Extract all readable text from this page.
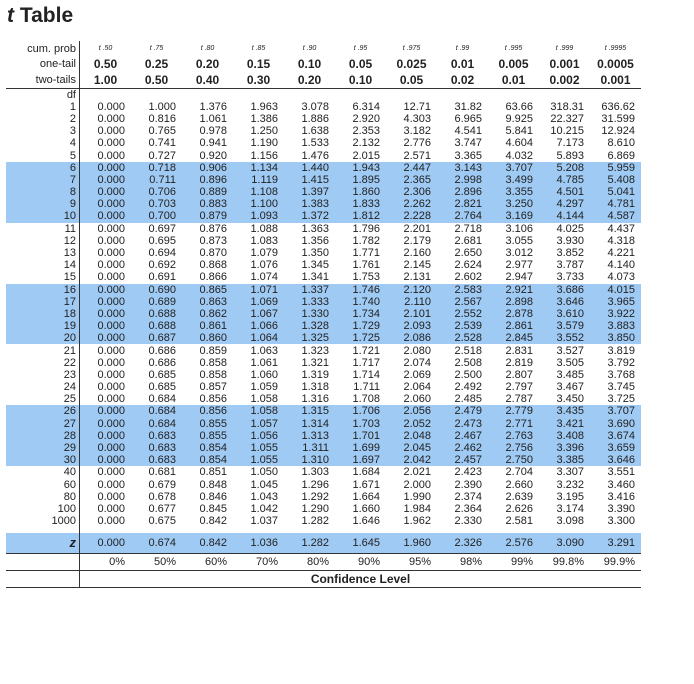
t Table
cum. prob	t .50	t .75	t .80	t .85	t .90	t .95	t .975	t .99	t .995	t .999	t .9995
one-tail	0.50	0.25	0.20	0.15	0.10	0.05	0.025	0.01	0.005	0.001	0.0005
two-tails	1.00	0.50	0.40	0.30	0.20	0.10	0.05	0.02	0.01	0.002	0.001
df											
1	0.000	1.000	1.376	1.963	3.078	6.314	12.71	31.82	63.66	318.31	636.62
2	0.000	0.816	1.061	1.386	1.886	2.920	4.303	6.965	9.925	22.327	31.599
3	0.000	0.765	0.978	1.250	1.638	2.353	3.182	4.541	5.841	10.215	12.924
4	0.000	0.741	0.941	1.190	1.533	2.132	2.776	3.747	4.604	7.173	8.610
5	0.000	0.727	0.920	1.156	1.476	2.015	2.571	3.365	4.032	5.893	6.869
6	0.000	0.718	0.906	1.134	1.440	1.943	2.447	3.143	3.707	5.208	5.959
7	0.000	0.711	0.896	1.119	1.415	1.895	2.365	2.998	3.499	4.785	5.408
8	0.000	0.706	0.889	1.108	1.397	1.860	2.306	2.896	3.355	4.501	5.041
9	0.000	0.703	0.883	1.100	1.383	1.833	2.262	2.821	3.250	4.297	4.781
10	0.000	0.700	0.879	1.093	1.372	1.812	2.228	2.764	3.169	4.144	4.587
11	0.000	0.697	0.876	1.088	1.363	1.796	2.201	2.718	3.106	4.025	4.437
12	0.000	0.695	0.873	1.083	1.356	1.782	2.179	2.681	3.055	3.930	4.318
13	0.000	0.694	0.870	1.079	1.350	1.771	2.160	2.650	3.012	3.852	4.221
14	0.000	0.692	0.868	1.076	1.345	1.761	2.145	2.624	2.977	3.787	4.140
15	0.000	0.691	0.866	1.074	1.341	1.753	2.131	2.602	2.947	3.733	4.073
16	0.000	0.690	0.865	1.071	1.337	1.746	2.120	2.583	2.921	3.686	4.015
17	0.000	0.689	0.863	1.069	1.333	1.740	2.110	2.567	2.898	3.646	3.965
18	0.000	0.688	0.862	1.067	1.330	1.734	2.101	2.552	2.878	3.610	3.922
19	0.000	0.688	0.861	1.066	1.328	1.729	2.093	2.539	2.861	3.579	3.883
20	0.000	0.687	0.860	1.064	1.325	1.725	2.086	2.528	2.845	3.552	3.850
21	0.000	0.686	0.859	1.063	1.323	1.721	2.080	2.518	2.831	3.527	3.819
22	0.000	0.686	0.858	1.061	1.321	1.717	2.074	2.508	2.819	3.505	3.792
23	0.000	0.685	0.858	1.060	1.319	1.714	2.069	2.500	2.807	3.485	3.768
24	0.000	0.685	0.857	1.059	1.318	1.711	2.064	2.492	2.797	3.467	3.745
25	0.000	0.684	0.856	1.058	1.316	1.708	2.060	2.485	2.787	3.450	3.725
26	0.000	0.684	0.856	1.058	1.315	1.706	2.056	2.479	2.779	3.435	3.707
27	0.000	0.684	0.855	1.057	1.314	1.703	2.052	2.473	2.771	3.421	3.690
28	0.000	0.683	0.855	1.056	1.313	1.701	2.048	2.467	2.763	3.408	3.674
29	0.000	0.683	0.854	1.055	1.311	1.699	2.045	2.462	2.756	3.396	3.659
30	0.000	0.683	0.854	1.055	1.310	1.697	2.042	2.457	2.750	3.385	3.646
40	0.000	0.681	0.851	1.050	1.303	1.684	2.021	2.423	2.704	3.307	3.551
60	0.000	0.679	0.848	1.045	1.296	1.671	2.000	2.390	2.660	3.232	3.460
80	0.000	0.678	0.846	1.043	1.292	1.664	1.990	2.374	2.639	3.195	3.416
100	0.000	0.677	0.845	1.042	1.290	1.660	1.984	2.364	2.626	3.174	3.390
1000	0.000	0.675	0.842	1.037	1.282	1.646	1.962	2.330	2.581	3.098	3.300

z	0.000	0.674	0.842	1.036	1.282	1.645	1.960	2.326	2.576	3.090	3.291
	0%	50%	60%	70%	80%	90%	95%	98%	99%	99.8%	99.9%
	Confidence Level										
